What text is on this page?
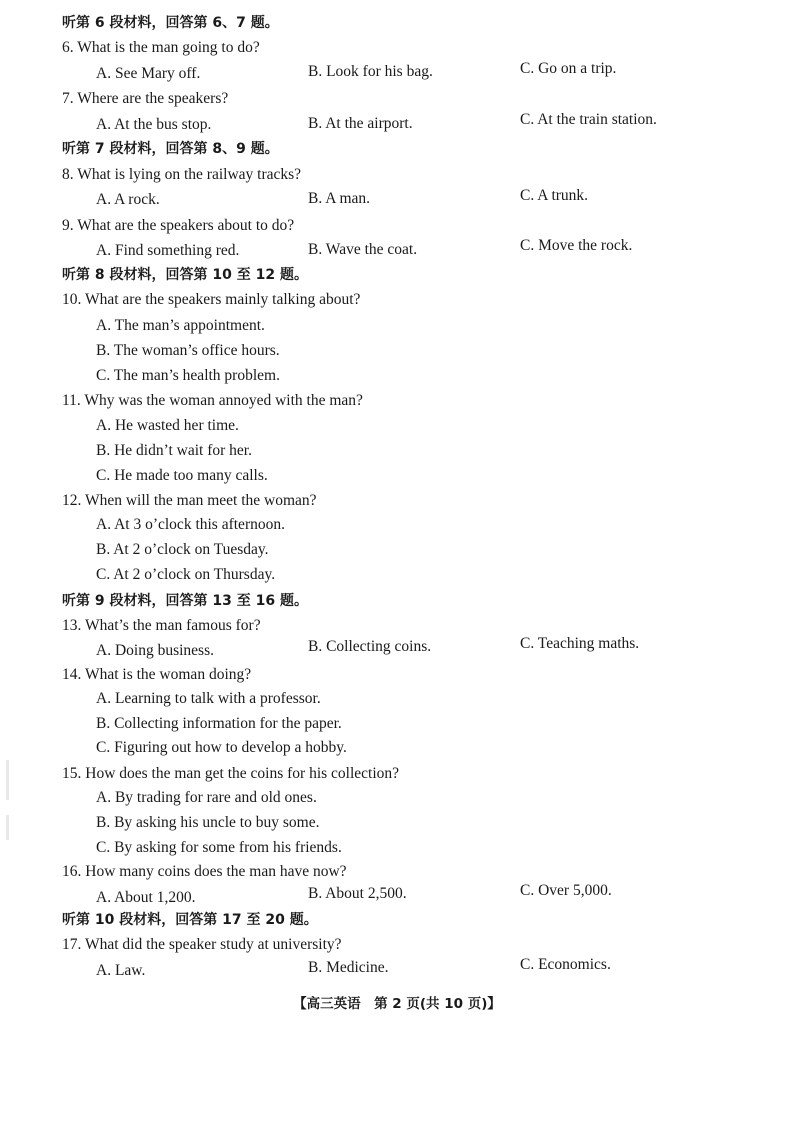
听第 6 段材料，回答第 6、7 题。
6. What is the man going to do?
A. See Mary off.	B. Look for his bag.	C. Go on a trip.
7. Where are the speakers?
A. At the bus stop.	B. At the airport.	C. At the train station.
听第 7 段材料，回答第 8、9 题。
8. What is lying on the railway tracks?
A. A rock.	B. A man.	C. A trunk.
9. What are the speakers about to do?
A. Find something red.	B. Wave the coat.	C. Move the rock.
听第 8 段材料，回答第 10 至 12 题。
10. What are the speakers mainly talking about?
A. The man’s appointment.
B. The woman’s office hours.
C. The man’s health problem.
11. Why was the woman annoyed with the man?
A. He wasted her time.
B. He didn’t wait for her.
C. He made too many calls.
12. When will the man meet the woman?
A. At 3 o’clock this afternoon.
B. At 2 o’clock on Tuesday.
C. At 2 o’clock on Thursday.
听第 9 段材料，回答第 13 至 16 题。
13. What’s the man famous for?
A. Doing business.	B. Collecting coins.	C. Teaching maths.
14. What is the woman doing?
A. Learning to talk with a professor.
B. Collecting information for the paper.
C. Figuring out how to develop a hobby.
15. How does the man get the coins for his collection?
A. By trading for rare and old ones.
B. By asking his uncle to buy some.
C. By asking for some from his friends.
16. How many coins does the man have now?
A. About 1,200.	B. About 2,500.	C. Over 5,000.
听第 10 段材料，回答第 17 至 20 题。
17. What did the speaker study at university?
A. Law.	B. Medicine.	C. Economics.
【高三英语　第 2 页(共 10 页)】
